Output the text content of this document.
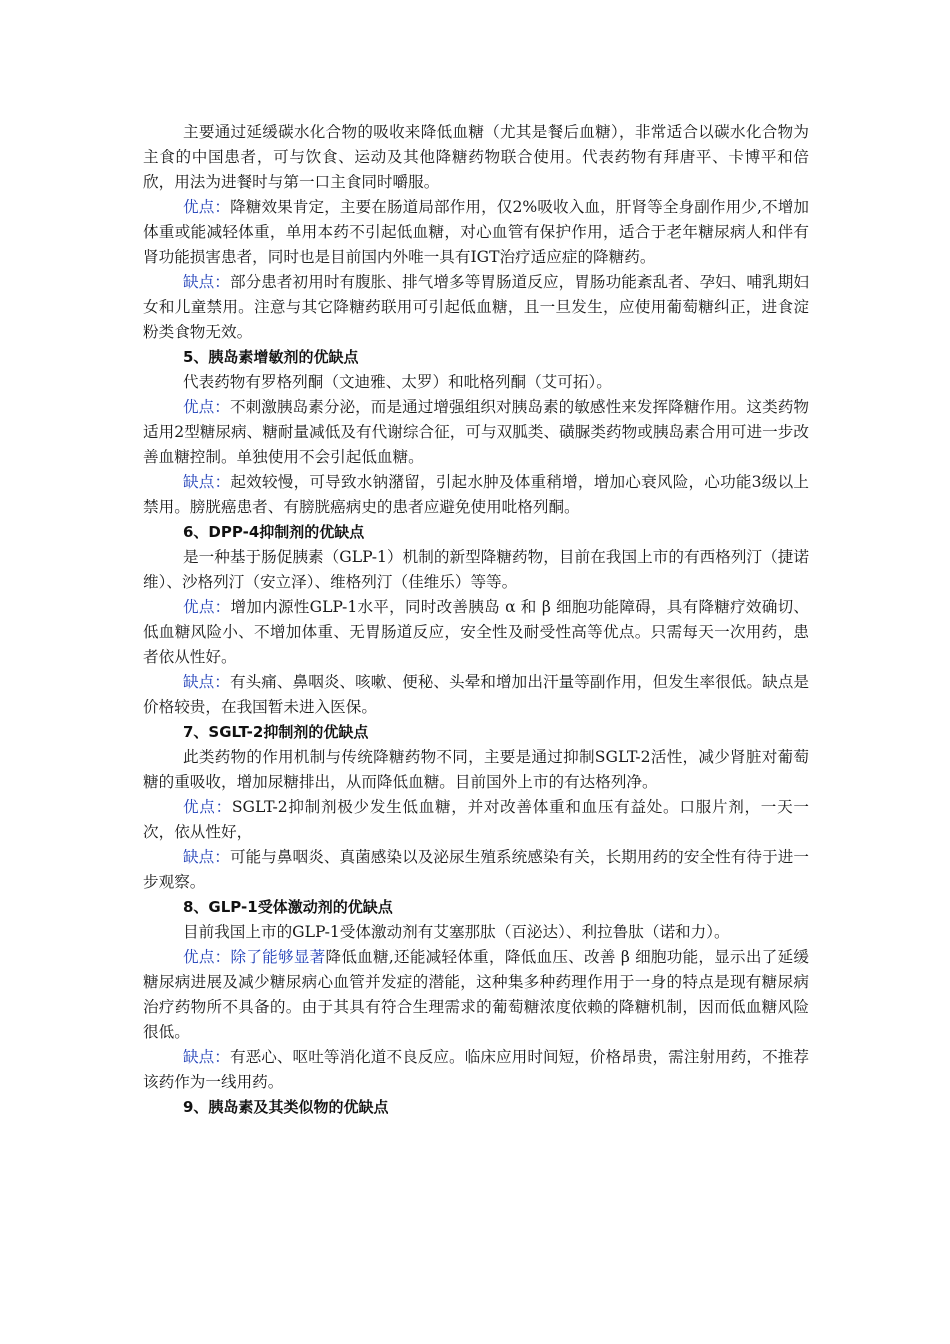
主要通过延缓碳水化合物的吸收来降低血糖（尤其是餐后血糖），非常适合以碳水化合物为主食的中国患者，可与饮食、运动及其他降糖药物联合使用。代表药物有拜唐平、卡博平和倍欣，用法为进餐时与第一口主食同时嚼服。

优点：降糖效果肯定，主要在肠道局部作用，仅2%吸收入血，肝肾等全身副作用少,不增加体重或能减轻体重，单用本药不引起低血糖，对心血管有保护作用，适合于老年糖尿病人和伴有肾功能损害患者，同时也是目前国内外唯一具有IGT治疗适应症的降糖药。

缺点：部分患者初用时有腹胀、排气增多等胃肠道反应，胃肠功能紊乱者、孕妇、哺乳期妇女和儿童禁用。注意与其它降糖药联用可引起低血糖，且一旦发生，应使用葡萄糖纠正，进食淀粉类食物无效。

5、胰岛素增敏剂的优缺点

代表药物有罗格列酮（文迪雅、太罗）和吡格列酮（艾可拓）。

优点：不刺激胰岛素分泌，而是通过增强组织对胰岛素的敏感性来发挥降糖作用。这类药物适用2型糖尿病、糖耐量减低及有代谢综合征，可与双胍类、磺脲类药物或胰岛素合用可进一步改善血糖控制。单独使用不会引起低血糖。

缺点：起效较慢，可导致水钠潴留，引起水肿及体重稍增，增加心衰风险，心功能3级以上禁用。膀胱癌患者、有膀胱癌病史的患者应避免使用吡格列酮。

6、DPP-4抑制剂的优缺点

是一种基于肠促胰素（GLP-1）机制的新型降糖药物，目前在我国上市的有西格列汀（捷诺维）、沙格列汀（安立泽）、维格列汀（佳维乐）等等。

优点：增加内源性GLP-1水平，同时改善胰岛 α 和 β 细胞功能障碍，具有降糖疗效确切、低血糖风险小、不增加体重、无胃肠道反应，安全性及耐受性高等优点。只需每天一次用药，患者依从性好。

缺点：有头痛、鼻咽炎、咳嗽、便秘、头晕和增加出汗量等副作用，但发生率很低。缺点是价格较贵，在我国暂未进入医保。

7、SGLT-2抑制剂的优缺点

此类药物的作用机制与传统降糖药物不同，主要是通过抑制SGLT-2活性，减少肾脏对葡萄糖的重吸收，增加尿糖排出，从而降低血糖。目前国外上市的有达格列净。

优点：SGLT-2抑制剂极少发生低血糖，并对改善体重和血压有益处。口服片剂，一天一次，依从性好，

缺点：可能与鼻咽炎、真菌感染以及泌尿生殖系统感染有关，长期用药的安全性有待于进一步观察。

8、GLP-1受体激动剂的优缺点

目前我国上市的GLP-1受体激动剂有艾塞那肽（百泌达）、利拉鲁肽（诺和力）。

优点：除了能够显著降低血糖,还能减轻体重，降低血压、改善 β 细胞功能，显示出了延缓糖尿病进展及减少糖尿病心血管并发症的潜能，这种集多种药理作用于一身的特点是现有糖尿病治疗药物所不具备的。由于其具有符合生理需求的葡萄糖浓度依赖的降糖机制，因而低血糖风险很低。

缺点：有恶心、呕吐等消化道不良反应。临床应用时间短，价格昂贵，需注射用药，不推荐该药作为一线用药。

9、胰岛素及其类似物的优缺点
